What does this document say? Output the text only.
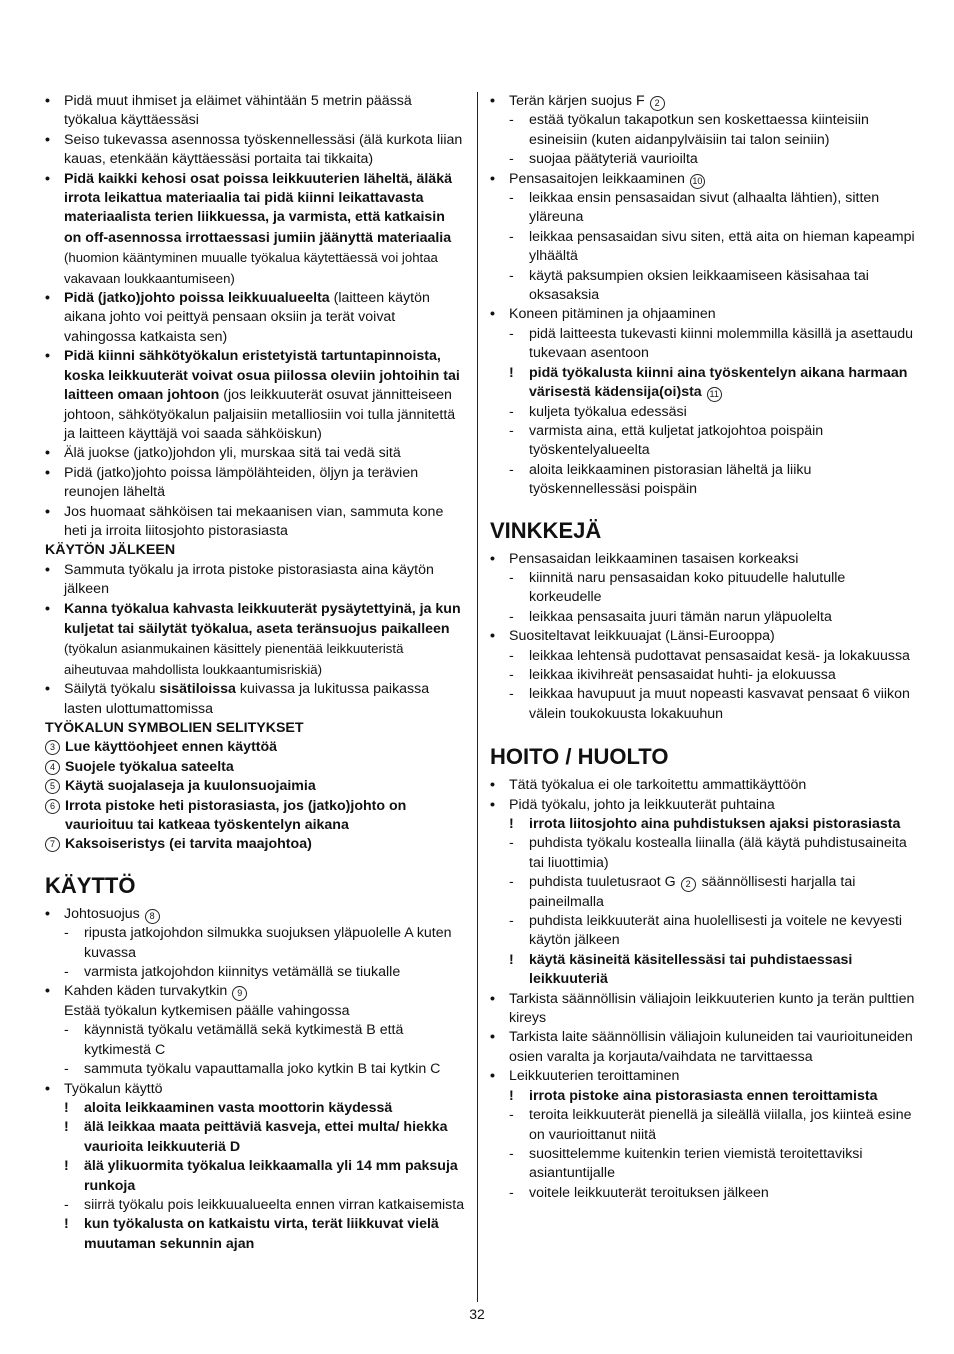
• Pidä muut ihmiset ja eläimet vähintään 5 metrin päässä työkalua käyttäessäsi
• Seiso tukevassa asennossa työskennellessäsi (älä kurkota liian kauas, etenkään käyttäessäsi portaita tai tikkaita)
• Pidä kaikki kehosi osat poissa leikkuuterien läheltä, äläkä irrota leikattua materiaalia tai pidä kiinni leikattavasta materiaalista terien liikkuessa, ja varmista, että katkaisin on off-asennossa irrottaessasi jumiin jäänyttä materiaalia (huomion kääntyminen muualle työkalua käytettäessä voi johtaa vakavaan loukkaantumiseen)
• Pidä (jatko)johto poissa leikkuualueelta (laitteen käytön aikana johto voi peittyä pensaan oksiin ja terät voivat vahingossa katkaista sen)
• Pidä kiinni sähkötyökalun eristetyistä tartuntapinnoista, koska leikkuuterät voivat osua piilossa oleviin johtoihin tai laitteen omaan johtoon (jos leikkuuterät osuvat jännitteiseen johtoon, sähkötyökalun paljaisiin metalliosiin voi tulla jännitettä ja laitteen käyttäjä voi saada sähköiskun)
• Älä juokse (jatko)johdon yli, murskaa sitä tai vedä sitä
• Pidä (jatko)johto poissa lämpölähteiden, öljyn ja terävien reunojen läheltä
• Jos huomaat sähköisen tai mekaanisen vian, sammuta kone heti ja irroita liitosjohto pistorasiasta
KÄYTÖN JÄLKEEN
• Sammuta työkalu ja irrota pistoke pistorasiasta aina käytön jälkeen
• Kanna työkalua kahvasta leikkuuterät pysäytettyinä, ja kun kuljetat tai säilytät työkalua, aseta teränsuojus paikalleen (työkalun asianmukainen käsittely pienentää leikkuuteristä aiheutuvaa mahdollista loukkaantumisriskiä)
• Säilytä työkalu sisätiloissa kuivassa ja lukitussa paikassa lasten ulottumattomissa
TYÖKALUN SYMBOLIEN SELITYKSET
3 Lue käyttöohjeet ennen käyttöä
4 Suojele työkalua sateelta
5 Käytä suojalaseja ja kuulonsuojaimia
6 Irrota pistoke heti pistorasiasta, jos (jatko)johto on vaurioituu tai katkeaa työskentelyn aikana
7 Kaksoiseristys (ei tarvita maajohtoa)
KÄYTTÖ
• Johtosuojus 8
- ripusta jatkojohdon silmukka suojuksen yläpuolelle A kuten kuvassa
- varmista jatkojohdon kiinnitys vetämällä se tiukalle
• Kahden käden turvakytkin 9
Estää työkalun kytkemisen päälle vahingossa
- käynnistä työkalu vetämällä sekä kytkimestä B että kytkimestä C
- sammuta työkalu vapauttamalla joko kytkin B tai kytkin C
• Työkalun käyttö
! aloita leikkaaminen vasta moottorin käydessä
! älä leikkaa maata peittäviä kasveja, ettei multa/ hiekka vaurioita leikkuuteriä D
! älä ylikuormita työkalua leikkaamalla yli 14 mm paksuja runkoja
- siirrä työkalu pois leikkuualueelta ennen virran katkaisemista
! kun työkalusta on katkaistu virta, terät liikkuvat vielä muutaman sekunnin ajan
• Terän kärjen suojus F 2
- estää työkalun takapotkun sen koskettaessa kiinteisiin esineisiin (kuten aidanpylväisiin tai talon seiniin)
- suojaa päätyteriä vaurioilta
• Pensasaitojen leikkaaminen 10
- leikkaa ensin pensasaidan sivut (alhaalta lähtien), sitten yläreuna
- leikkaa pensasaidan sivu siten, että aita on hieman kapeampi ylhäältä
- käytä paksumpien oksien leikkaamiseen käsisahaa tai oksasaksia
• Koneen pitäminen ja ohjaaminen
- pidä laitteesta tukevasti kiinni molemmilla käsillä ja asettaudu tukevaan asentoon
! pidä työkalusta kiinni aina työskentelyn aikana harmaan värisestä kädensija(oi)sta 11
- kuljeta työkalua edessäsi
- varmista aina, että kuljetat jatkojohtoa poispäin työskentelyalueelta
- aloita leikkaaminen pistorasian läheltä ja liiku työskennellessäsi poispäin
VINKKEJÄ
• Pensasaidan leikkaaminen tasaisen korkeaksi
- kiinnitä naru pensasaidan koko pituudelle halutulle korkeudelle
- leikkaa pensasaita juuri tämän narun yläpuolelta
• Suositeltavat leikkuuajat (Länsi-Eurooppa)
- leikkaa lehtensä pudottavat pensasaidat kesä- ja lokakuussa
- leikkaa ikivihreät pensasaidat huhti- ja elokuussa
- leikkaa havupuut ja muut nopeasti kasvavat pensaat 6 viikon välein toukokuusta lokakuuhun
HOITO / HUOLTO
• Tätä työkalua ei ole tarkoitettu ammattikäyttöön
• Pidä työkalu, johto ja leikkuuterät puhtaina
! irrota liitosjohto aina puhdistuksen ajaksi pistorasiasta
- puhdista työkalu kostealla liinalla (älä käytä puhdistusaineita tai liuottimia)
- puhdista tuuletusraot G 2 säännöllisesti harjalla tai paineilmalla
- puhdista leikkuuterät aina huolellisesti ja voitele ne kevyesti käytön jälkeen
! käytä käsineitä käsitellessäsi tai puhdistaessasi leikkuuteriä
• Tarkista säännöllisin väliajoin leikkuuterien kunto ja terän pulttien kireys
• Tarkista laite säännöllisin väliajoin kuluneiden tai vaurioituneiden osien varalta ja korjauta/vaihdata ne tarvittaessa
• Leikkuuterien teroittaminen
! irrota pistoke aina pistorasiasta ennen teroittamista
- teroita leikkuuterät pienellä ja sileällä viilalla, jos kiinteä esine on vaurioittanut niitä
- suosittelemme kuitenkin terien viemistä teroitettaviksi asiantuntijalle
- voitele leikkuuterät teroituksen jälkeen
32
